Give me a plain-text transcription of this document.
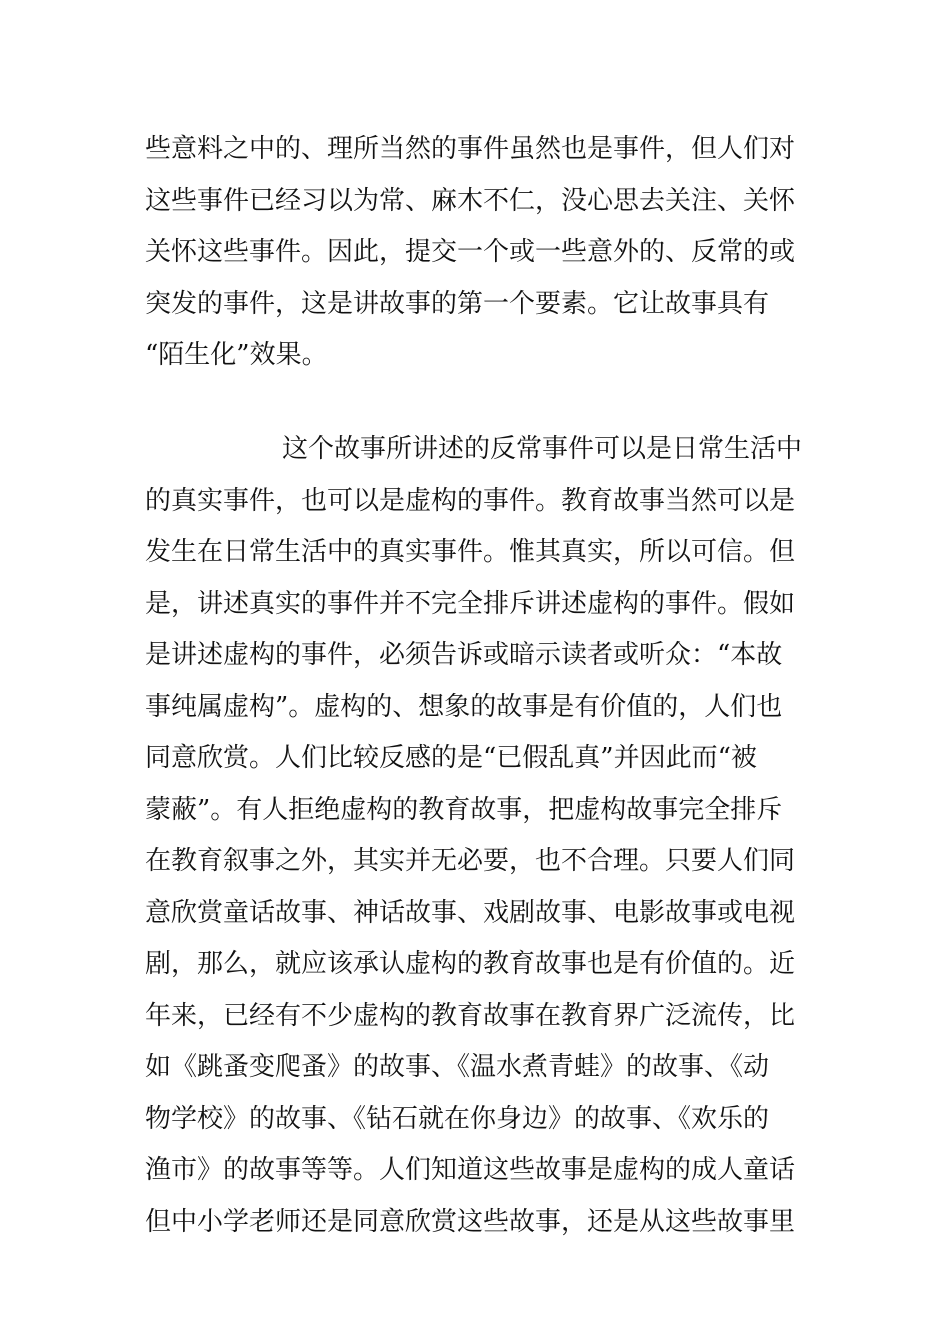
些意料之中的、理所当然的事件虽然也是事件，但人们对
这些事件已经习以为常、麻木不仁，没心思去关注、关怀
关怀这些事件。因此，提交一个或一些意外的、反常的或
突发的事件，这是讲故事的第一个要素。它让故事具有
“陌生化”效果。
这个故事所讲述的反常事件可以是日常生活中
的真实事件，也可以是虚构的事件。教育故事当然可以是
发生在日常生活中的真实事件。惟其真实，所以可信。但
是，讲述真实的事件并不完全排斥讲述虚构的事件。假如
是讲述虚构的事件，必须告诉或暗示读者或听众：“本故
事纯属虚构”。虚构的、想象的故事是有价值的，人们也
同意欣赏。人们比较反感的是“已假乱真”并因此而“被
蒙蔽”。有人拒绝虚构的教育故事，把虚构故事完全排斥
在教育叙事之外，其实并无必要，也不合理。只要人们同
意欣赏童话故事、神话故事、戏剧故事、电影故事或电视
剧，那么，就应该承认虚构的教育故事也是有价值的。近
年来，已经有不少虚构的教育故事在教育界广泛流传，比
如《跳蚤变爬蚤》的故事、《温水煮青蛙》的故事、《动
物学校》的故事、《钻石就在你身边》的故事、《欢乐的
渔市》的故事等等。人们知道这些故事是虚构的成人童话
但中小学老师还是同意欣赏这些故事，还是从这些故事里
